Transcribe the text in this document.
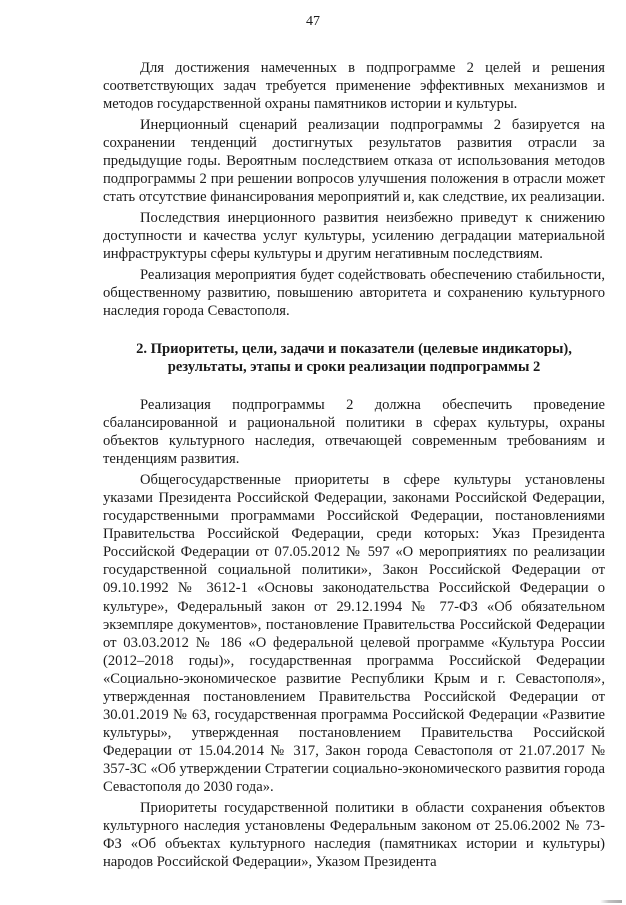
47

Для достижения намеченных в подпрограмме 2 целей и решения соответствующих задач требуется применение эффективных механизмов и методов государственной охраны памятников истории и культуры.

Инерционный сценарий реализации подпрограммы 2 базируется на сохранении тенденций достигнутых результатов развития отрасли за предыдущие годы. Вероятным последствием отказа от использования методов подпрограммы 2 при решении вопросов улучшения положения в отрасли может стать отсутствие финансирования мероприятий и, как следствие, их реализации.

Последствия инерционного развития неизбежно приведут к снижению доступности и качества услуг культуры, усилению деградации материальной инфраструктуры сферы культуры и другим негативным последствиям.

Реализация мероприятия будет содействовать обеспечению стабильности, общественному развитию, повышению авторитета и сохранению культурного наследия города Севастополя.

2. Приоритеты, цели, задачи и показатели (целевые индикаторы), результаты, этапы и сроки реализации подпрограммы 2

Реализация подпрограммы 2 должна обеспечить проведение сбалансированной и рациональной политики в сферах культуры, охраны объектов культурного наследия, отвечающей современным требованиям и тенденциям развития.

Общегосударственные приоритеты в сфере культуры установлены указами Президента Российской Федерации, законами Российской Федерации, государственными программами Российской Федерации, постановлениями Правительства Российской Федерации, среди которых: Указ Президента Российской Федерации от 07.05.2012 № 597 «О мероприятиях по реализации государственной социальной политики», Закон Российской Федерации от 09.10.1992 № 3612-1 «Основы законодательства Российской Федерации о культуре», Федеральный закон от 29.12.1994 № 77-ФЗ «Об обязательном экземпляре документов», постановление Правительства Российской Федерации от 03.03.2012 № 186 «О федеральной целевой программе «Культура России (2012–2018 годы)», государственная программа Российской Федерации «Социально-экономическое развитие Республики Крым и г. Севастополя», утвержденная постановлением Правительства Российской Федерации от 30.01.2019 № 63, государственная программа Российской Федерации «Развитие культуры», утвержденная постановлением Правительства Российской Федерации от 15.04.2014 № 317, Закон города Севастополя от 21.07.2017 № 357-ЗС «Об утверждении Стратегии социально-экономического развития города Севастополя до 2030 года».

Приоритеты государственной политики в области сохранения объектов культурного наследия установлены Федеральным законом от 25.06.2002 № 73-ФЗ «Об объектах культурного наследия (памятниках истории и культуры) народов Российской Федерации», Указом Президента
